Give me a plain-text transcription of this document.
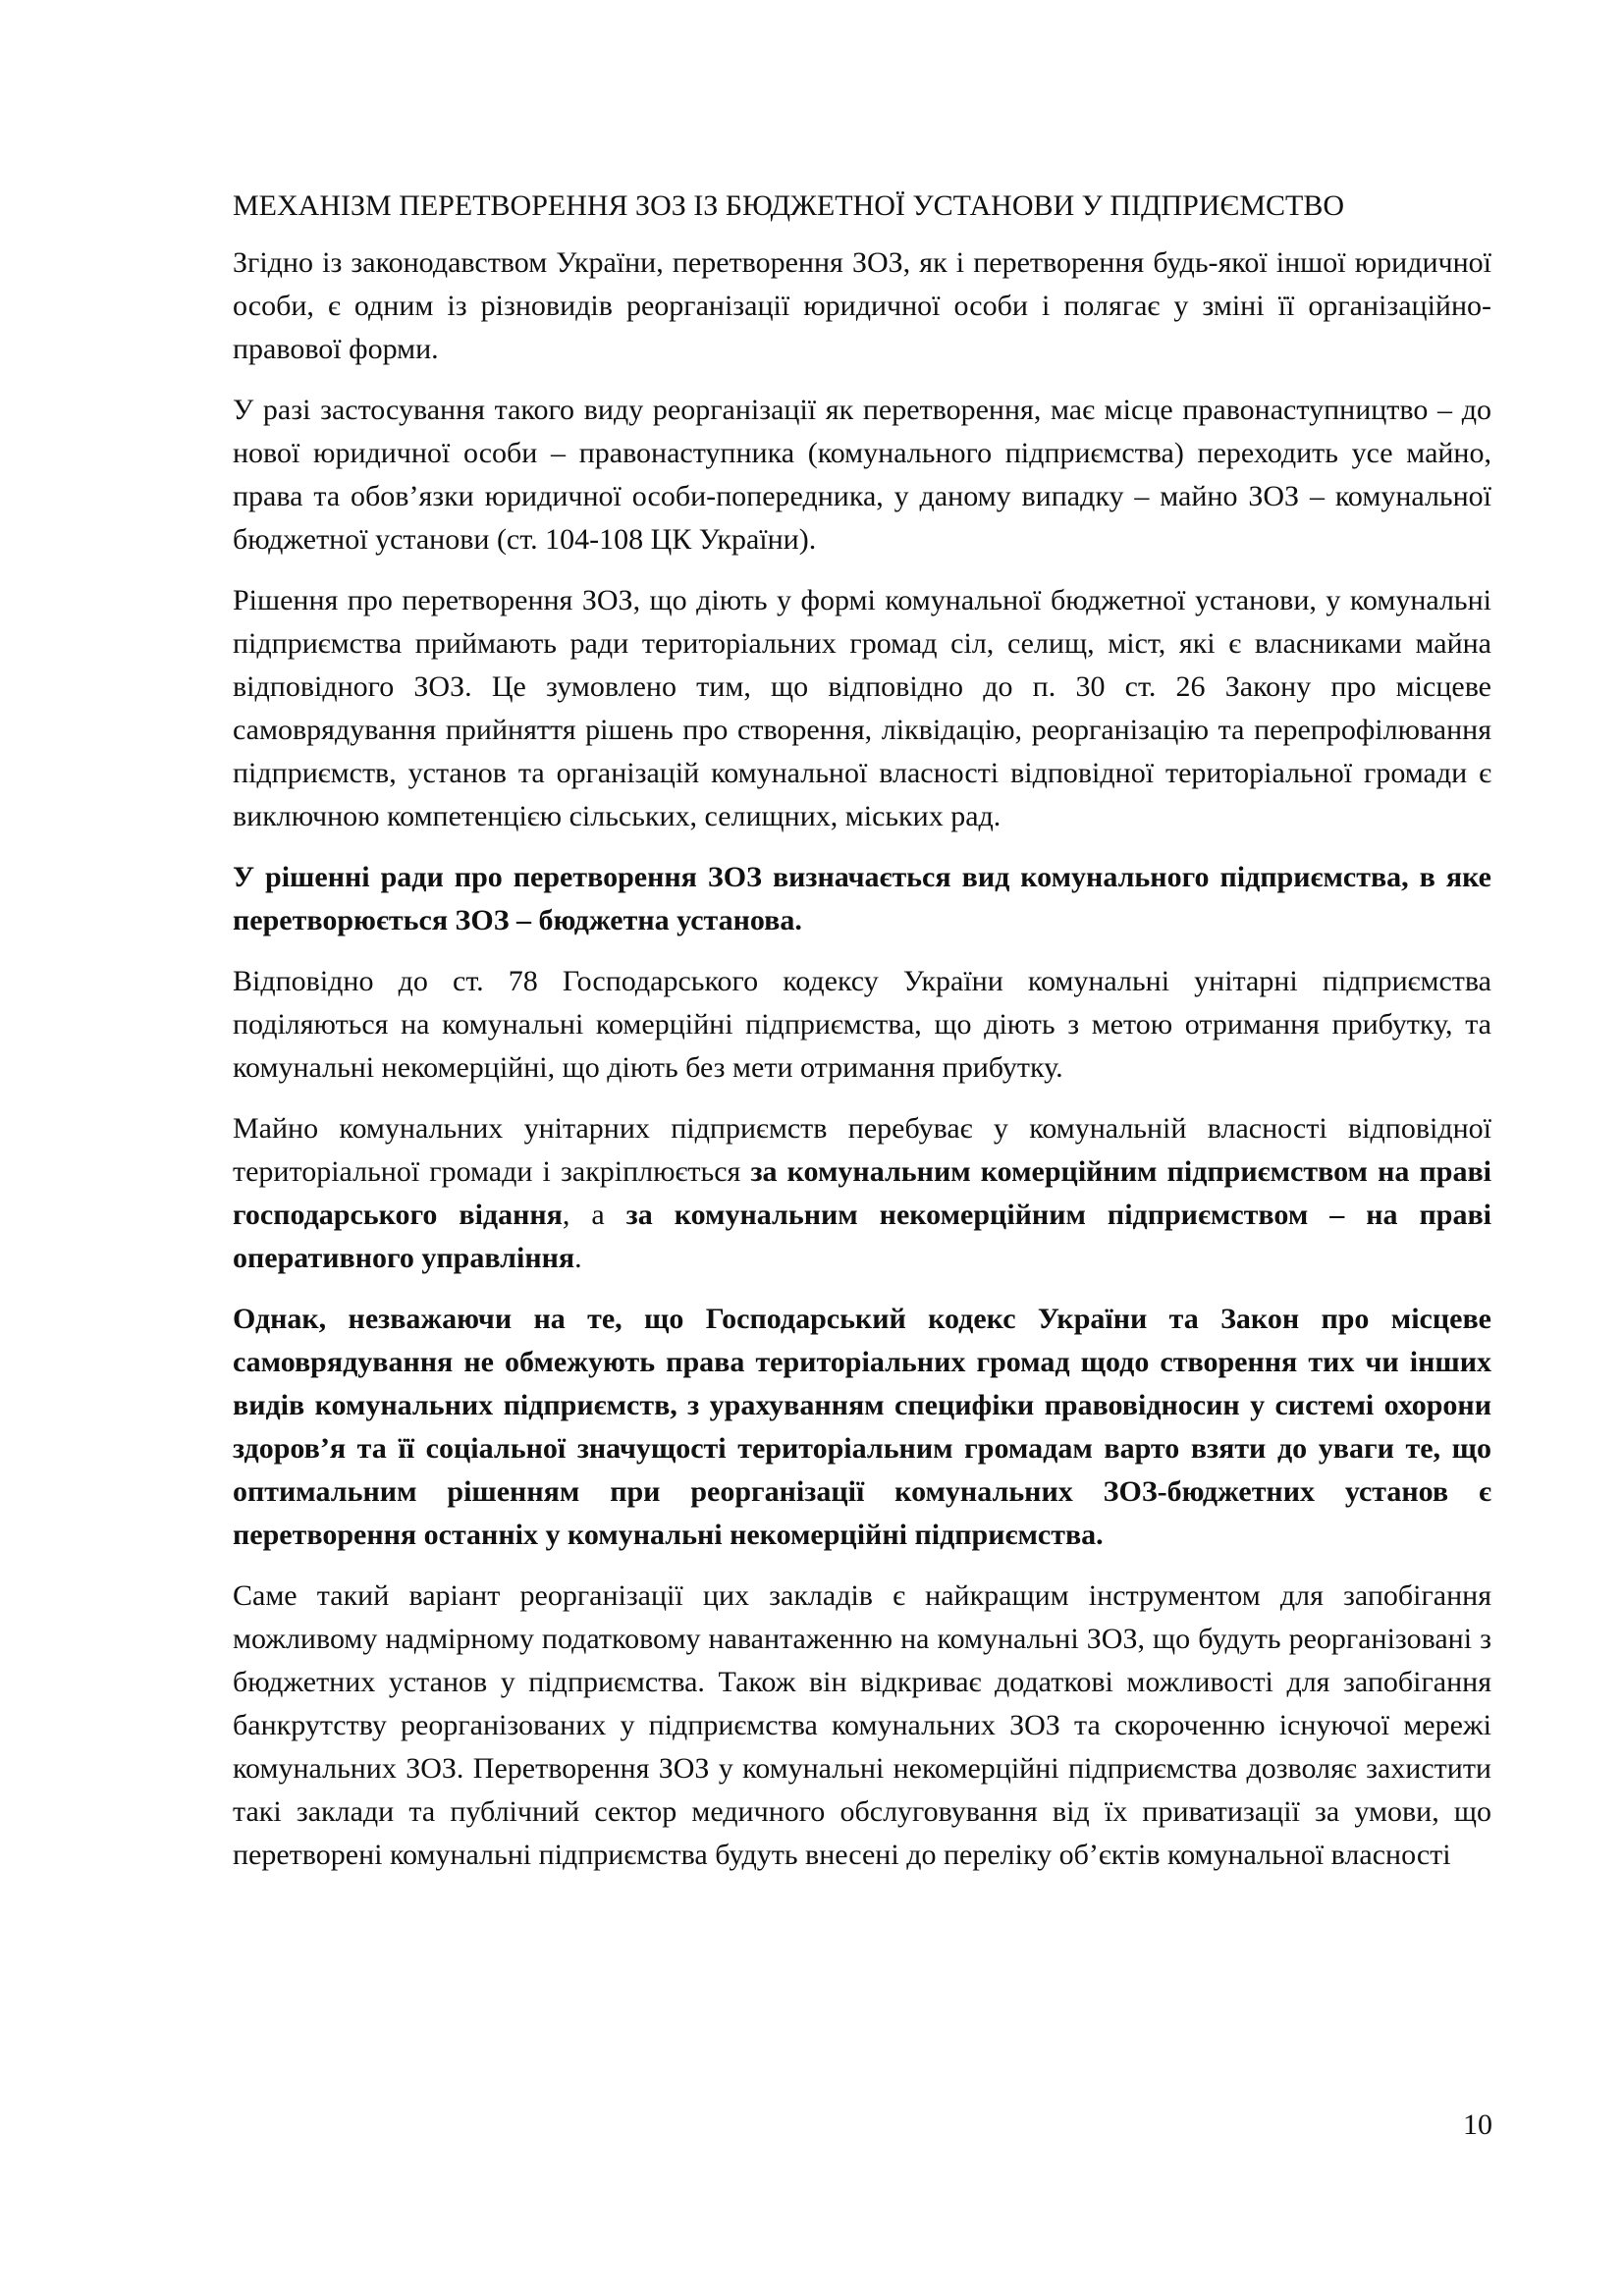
МЕХАНІЗМ ПЕРЕТВОРЕННЯ ЗОЗ ІЗ БЮДЖЕТНОЇ УСТАНОВИ У ПІДПРИЄМСТВО

Згідно із законодавством України, перетворення ЗОЗ, як і перетворення будь-якої іншої юридичної особи, є одним із різновидів реорганізації юридичної особи і полягає у зміні її організаційно-правової форми.

У разі застосування такого виду реорганізації як перетворення, має місце правонаступництво – до нової юридичної особи – правонаступника (комунального підприємства) переходить усе майно, права та обов’язки юридичної особи-попередника, у даному випадку – майно ЗОЗ – комунальної бюджетної установи (ст. 104-108 ЦК України).

Рішення про перетворення ЗОЗ, що діють у формі комунальної бюджетної установи, у комунальні підприємства приймають ради територіальних громад сіл, селищ, міст, які є власниками майна відповідного ЗОЗ. Це зумовлено тим, що відповідно до п. 30 ст. 26 Закону про місцеве самоврядування прийняття рішень про створення, ліквідацію, реорганізацію та перепрофілювання підприємств, установ та організацій комунальної власності відповідної територіальної громади є виключною компетенцією сільських, селищних, міських рад.

У рішенні ради про перетворення ЗОЗ визначається вид комунального підприємства, в яке перетворюється ЗОЗ – бюджетна установа.

Відповідно до ст. 78 Господарського кодексу України комунальні унітарні підприємства поділяються на комунальні комерційні підприємства, що діють з метою отримання прибутку, та комунальні некомерційні, що діють без мети отримання прибутку.

Майно комунальних унітарних підприємств перебуває у комунальній власності відповідної територіальної громади і закріплюється за комунальним комерційним підприємством на праві господарського відання, а за комунальним некомерційним підприємством – на праві оперативного управління.

Однак, незважаючи на те, що Господарський кодекс України та Закон про місцеве самоврядування не обмежують права територіальних громад щодо створення тих чи інших видів комунальних підприємств, з урахуванням специфіки правовідносин у системі охорони здоров’я та її соціальної значущості територіальним громадам варто взяти до уваги те, що оптимальним рішенням при реорганізації комунальних ЗОЗ-бюджетних установ є перетворення останніх у комунальні некомерційні підприємства.

Саме такий варіант реорганізації цих закладів є найкращим інструментом для запобігання можливому надмірному податковому навантаженню на комунальні ЗОЗ, що будуть реорганізовані з бюджетних установ у підприємства. Також він відкриває додаткові можливості для запобігання банкрутству реорганізованих у підприємства комунальних ЗОЗ та скороченню існуючої мережі комунальних ЗОЗ. Перетворення ЗОЗ у комунальні некомерційні підприємства дозволяє захистити такі заклади та публічний сектор медичного обслуговування від їх приватизації за умови, що перетворені комунальні підприємства будуть внесені до переліку об’єктів комунальної власності

10
